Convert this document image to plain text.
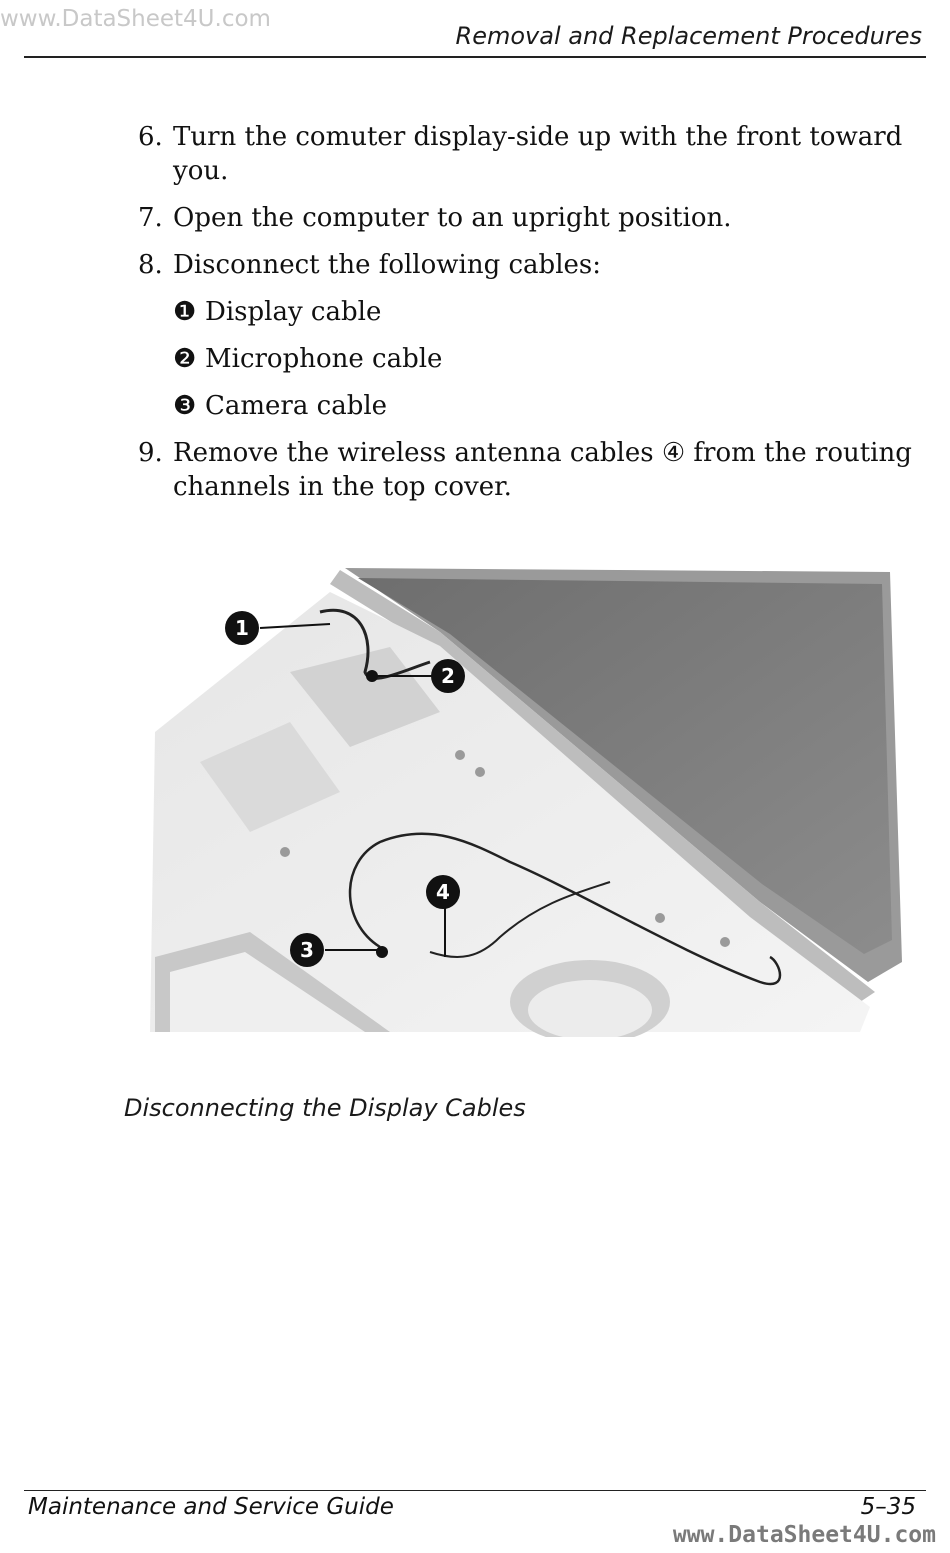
www.DataSheet4U.com
Removal and Replacement Procedures
6. Turn the comuter display-side up with the front toward you.
7. Open the computer to an upright position.
8. Disconnect the following cables:
❶ Display cable
❷ Microphone cable
❸ Camera cable
9. Remove the wireless antenna cables ④ from the routing channels in the top cover.
1
2
3
4
Disconnecting the Display Cables
Maintenance and Service Guide	5–35
www.DataSheet4U.com
